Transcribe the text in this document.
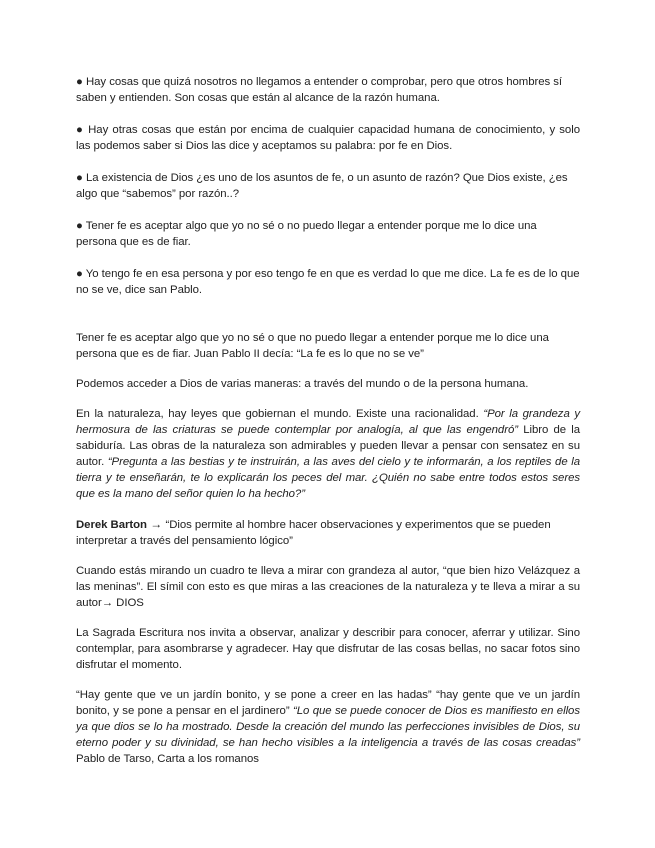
● Hay cosas que quizá nosotros no llegamos a entender o comprobar, pero que otros hombres sí saben y entienden. Son cosas que están al alcance de la razón humana.

● Hay otras cosas que están por encima de cualquier capacidad humana de conocimiento, y solo las podemos saber si Dios las dice y aceptamos su palabra: por fe en Dios.

● La existencia de Dios ¿es uno de los asuntos de fe, o un asunto de razón? Que Dios existe, ¿es algo que “sabemos” por razón..?

● Tener fe es aceptar algo que yo no sé o no puedo llegar a entender porque me lo dice una persona que es de fiar.

● Yo tengo fe en esa persona y por eso tengo fe en que es verdad lo que me dice. La fe es de lo que no se ve, dice san Pablo.

Tener fe es aceptar algo que yo no sé o que no puedo llegar a entender porque me lo dice una persona que es de fiar. Juan Pablo II decía: “La fe es lo que no se ve”

Podemos acceder a Dios de varias maneras: a través del mundo o de la persona humana.

En la naturaleza, hay leyes que gobiernan el mundo. Existe una racionalidad. “Por la grandeza y hermosura de las criaturas se puede contemplar por analogía, al que las engendró” Libro de la sabiduría. Las obras de la naturaleza son admirables y pueden llevar a pensar con sensatez en su autor. “Pregunta a las bestias y te instruirán, a las aves del cielo y te informarán, a los reptiles de la tierra y te enseñarán, te lo explicarán los peces del mar. ¿Quién no sabe entre todos estos seres que es la mano del señor quien lo ha hecho?”

Derek Barton → “Dios permite al hombre hacer observaciones y experimentos que se pueden interpretar a través del pensamiento lógico”

Cuando estás mirando un cuadro te lleva a mirar con grandeza al autor, “que bien hizo Velázquez a las meninas”. El símil con esto es que miras a las creaciones de la naturaleza y te lleva a mirar a su autor→ DIOS

La Sagrada Escritura nos invita a observar, analizar y describir para conocer, aferrar y utilizar. Sino contemplar, para asombrarse y agradecer. Hay que disfrutar de las cosas bellas, no sacar fotos sino disfrutar el momento.

“Hay gente que ve un jardín bonito, y se pone a creer en las hadas” “hay gente que ve un jardín bonito, y se pone a pensar en el jardinero” “Lo que se puede conocer de Dios es manifiesto en ellos ya que dios se lo ha mostrado. Desde la creación del mundo las perfecciones invisibles de Dios, su eterno poder y su divinidad, se han hecho visibles a la inteligencia a través de las cosas creadas” Pablo de Tarso, Carta a los romanos
